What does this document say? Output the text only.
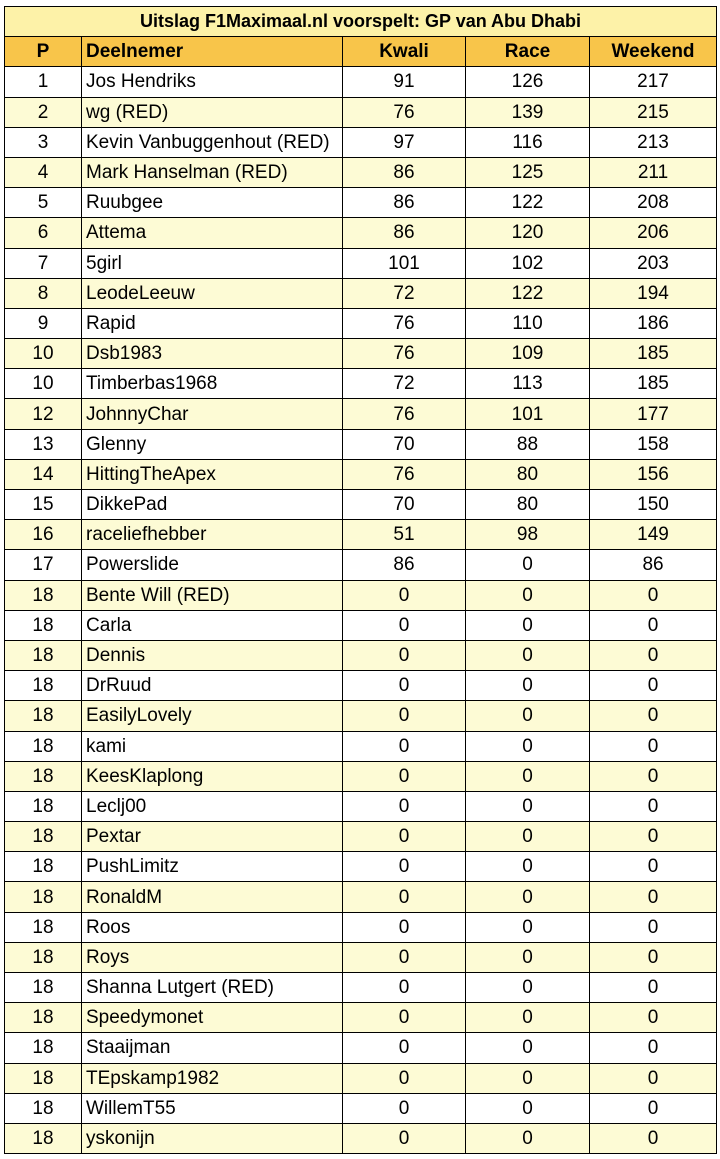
Uitslag F1Maximaal.nl voorspelt: GP van Abu Dhabi				
P	Deelnemer	Kwali	Race	Weekend
1	Jos Hendriks	91	126	217
2	wg (RED)	76	139	215
3	Kevin Vanbuggenhout (RED)	97	116	213
4	Mark Hanselman (RED)	86	125	211
5	Ruubgee	86	122	208
6	Attema	86	120	206
7	5girl	101	102	203
8	LeodeLeeuw	72	122	194
9	Rapid	76	110	186
10	Dsb1983	76	109	185
10	Timberbas1968	72	113	185
12	JohnnyChar	76	101	177
13	Glenny	70	88	158
14	HittingTheApex	76	80	156
15	DikkePad	70	80	150
16	raceliefhebber	51	98	149
17	Powerslide	86	0	86
18	Bente Will (RED)	0	0	0
18	Carla	0	0	0
18	Dennis	0	0	0
18	DrRuud	0	0	0
18	EasilyLovely	0	0	0
18	kami	0	0	0
18	KeesKlaplong	0	0	0
18	Leclj00	0	0	0
18	Pextar	0	0	0
18	PushLimitz	0	0	0
18	RonaldM	0	0	0
18	Roos	0	0	0
18	Roys	0	0	0
18	Shanna Lutgert (RED)	0	0	0
18	Speedymonet	0	0	0
18	Staaijman	0	0	0
18	TEpskamp1982	0	0	0
18	WillemT55	0	0	0
18	yskonijn	0	0	0
